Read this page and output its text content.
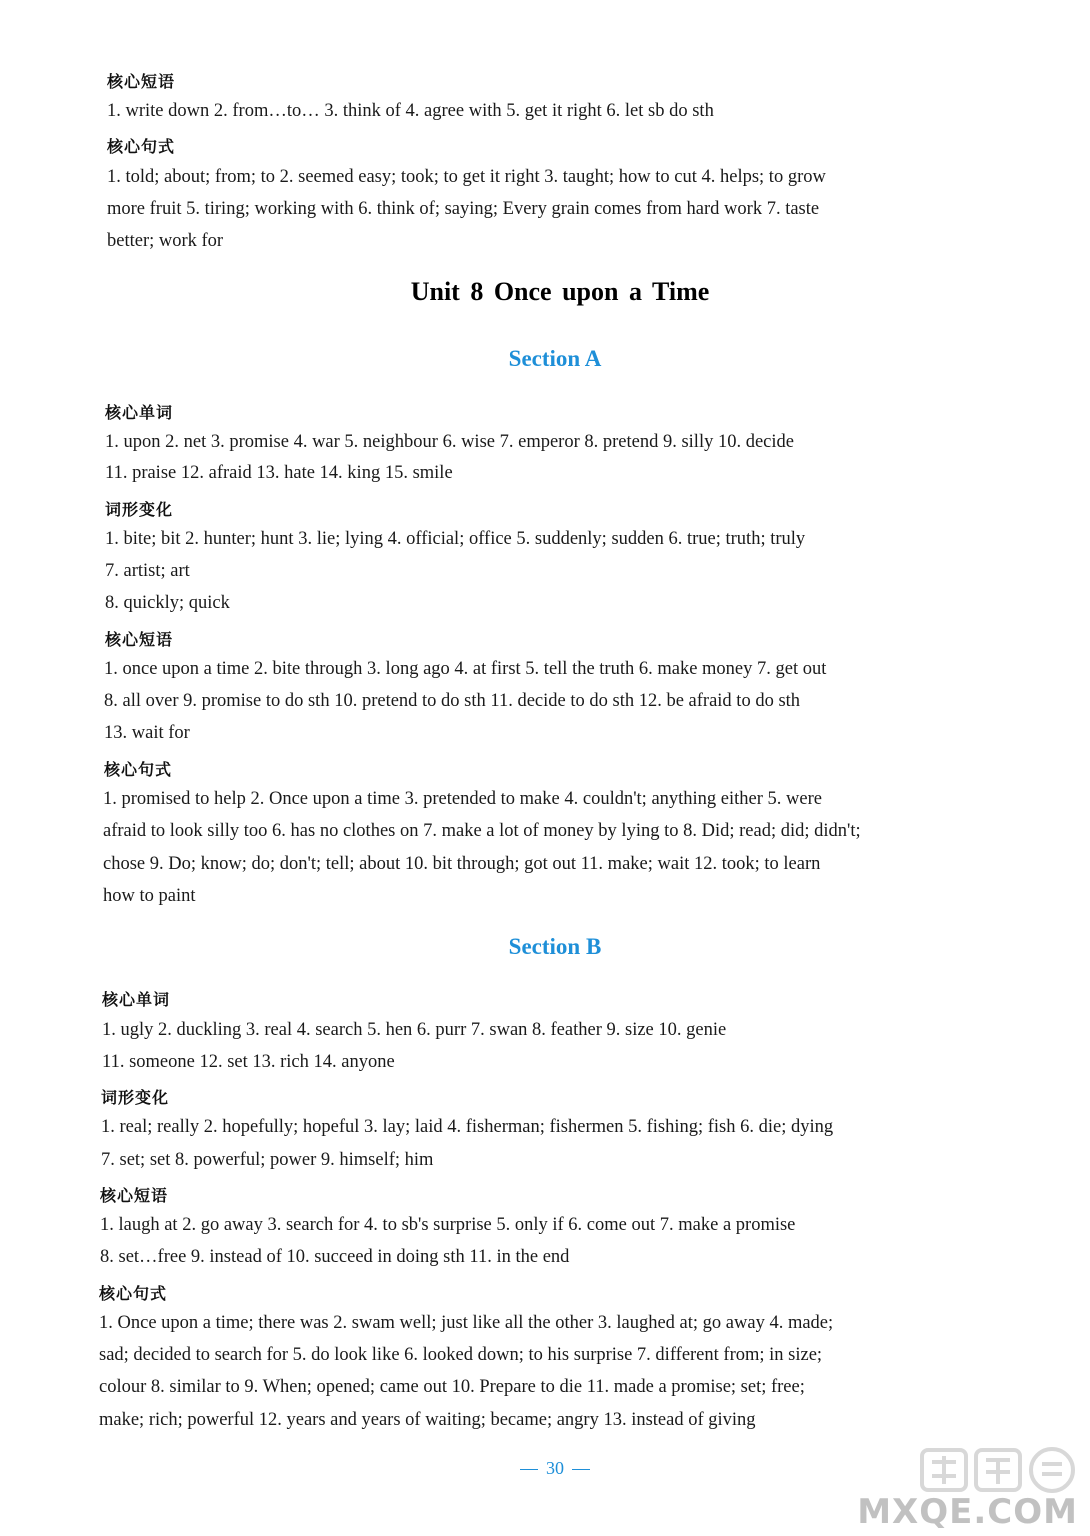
核心短语
1. write down 2. from…to… 3. think of 4. agree with 5. get it right 6. let sb do sth
核心句式
1. told; about; from; to 2. seemed easy; took; to get it right 3. taught; how to cut 4. helps; to grow
more fruit 5. tiring; working with 6. think of; saying; Every grain comes from hard work 7. taste
better; work for
Unit 8 Once upon a Time
Section A
核心单词
1. upon 2. net 3. promise 4. war 5. neighbour 6. wise 7. emperor 8. pretend 9. silly 10. decide
11. praise 12. afraid 13. hate 14. king 15. smile
词形变化
1. bite; bit 2. hunter; hunt 3. lie; lying 4. official; office 5. suddenly; sudden 6. true; truth; truly
7. artist; art
8. quickly; quick
核心短语
1. once upon a time 2. bite through 3. long ago 4. at first 5. tell the truth 6. make money 7. get out
8. all over 9. promise to do sth 10. pretend to do sth 11. decide to do sth 12. be afraid to do sth
13. wait for
核心句式
1. promised to help 2. Once upon a time 3. pretended to make 4. couldn't; anything either 5. were
afraid to look silly too 6. has no clothes on 7. make a lot of money by lying to 8. Did; read; did; didn't;
chose 9. Do; know; do; don't; tell; about 10. bit through; got out 11. make; wait 12. took; to learn
how to paint
Section B
核心单词
1. ugly 2. duckling 3. real 4. search 5. hen 6. purr 7. swan 8. feather 9. size 10. genie
11. someone 12. set 13. rich 14. anyone
词形变化
1. real; really 2. hopefully; hopeful 3. lay; laid 4. fisherman; fishermen 5. fishing; fish 6. die; dying
7. set; set 8. powerful; power 9. himself; him
核心短语
1. laugh at 2. go away 3. search for 4. to sb's surprise 5. only if 6. come out 7. make a promise
8. set…free 9. instead of 10. succeed in doing sth 11. in the end
核心句式
1. Once upon a time; there was 2. swam well; just like all the other 3. laughed at; go away 4. made;
sad; decided to search for 5. do look like 6. looked down; to his surprise 7. different from; in size;
colour 8. similar to 9. When; opened; came out 10. Prepare to die 11. made a promise; set; free;
make; rich; powerful 12. years and years of waiting; became; angry 13. instead of giving
30
MXQE.COM
